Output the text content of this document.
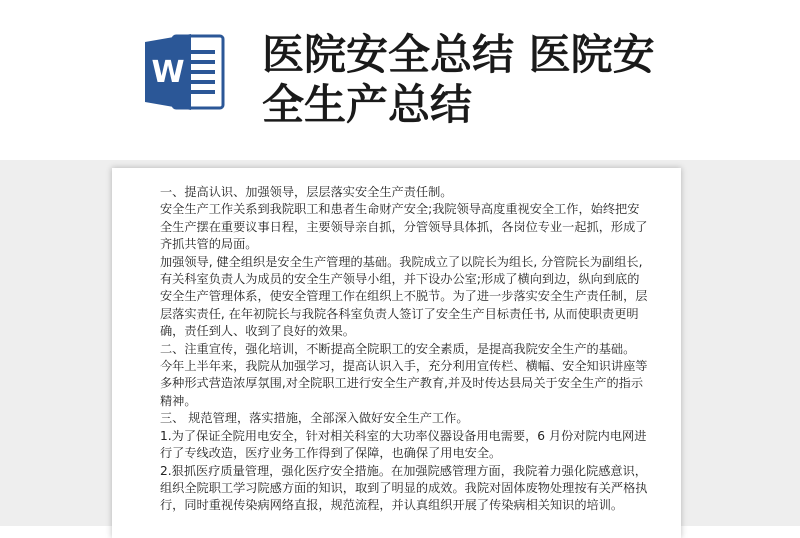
W 医院安全总结 医院安全生产总结

一、提高认识、加强领导，层层落实安全生产责任制。

安全生产工作关系到我院职工和患者生命财产安全;我院领导高度重视安全工作，始终把安全生产摆在重要议事日程，主要领导亲自抓，分管领导具体抓，各岗位专业一起抓，形成了齐抓共管的局面。

加强领导, 健全组织是安全生产管理的基础。我院成立了以院长为组长, 分管院长为副组长, 有关科室负责人为成员的安全生产领导小组，并下设办公室;形成了横向到边，纵向到底的安全生产管理体系，使安全管理工作在组织上不脱节。为了进一步落实安全生产责任制，层层落实责任, 在年初院长与我院各科室负责人签订了安全生产目标责任书, 从而使职责更明确，责任到人、收到了良好的效果。

二、注重宣传，强化培训，不断提高全院职工的安全素质，是提高我院安全生产的基础。

今年上半年来，我院从加强学习，提高认识入手，充分利用宣传栏、横幅、安全知识讲座等多种形式营造浓厚氛围,对全院职工进行安全生产教育,并及时传达县局关于安全生产的指示精神。

三、 规范管理，落实措施，全部深入做好安全生产工作。

1.为了保证全院用电安全，针对相关科室的大功率仪器设备用电需要，6 月份对院内电网进行了专线改造，医疗业务工作得到了保障，也确保了用电安全。

2.狠抓医疗质量管理，强化医疗安全措施。在加强院感管理方面，我院着力强化院感意识，组织全院职工学习院感方面的知识，取到了明显的成效。我院对固体废物处理按有关严格执行，同时重视传染病网络直报，规范流程，并认真组织开展了传染病相关知识的培训。
